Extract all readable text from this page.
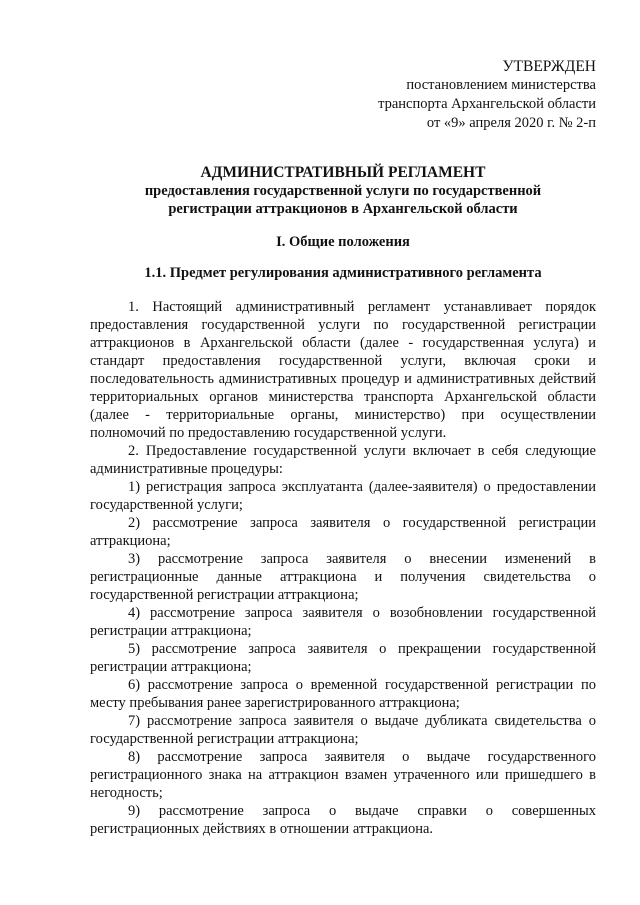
УТВЕРЖДЕН
постановлением министерства
транспорта Архангельской области
от «9» апреля 2020 г. № 2-п
АДМИНИСТРАТИВНЫЙ РЕГЛАМЕНТ
предоставления государственной услуги по государственной
регистрации аттракционов в Архангельской области
I. Общие положения
1.1. Предмет регулирования административного регламента

1. Настоящий административный регламент устанавливает порядок предоставления государственной услуги по государственной регистрации аттракционов в Архангельской области (далее - государственная услуга) и стандарт предоставления государственной услуги, включая сроки и последовательность административных процедур и административных действий территориальных органов министерства транспорта Архангельской области (далее - территориальные органы, министерство) при осуществлении полномочий по предоставлению государственной услуги.

2. Предоставление государственной услуги включает в себя следующие административные процедуры:

1) регистрация запроса эксплуатанта (далее-заявителя) о предоставлении государственной услуги;

2) рассмотрение запроса заявителя о государственной регистрации аттракциона;

3) рассмотрение запроса заявителя о внесении изменений в регистрационные данные аттракциона и получения свидетельства о государственной регистрации аттракциона;

4) рассмотрение запроса заявителя о возобновлении государственной регистрации аттракциона;

5) рассмотрение запроса заявителя о прекращении государственной регистрации аттракциона;

6) рассмотрение запроса о временной государственной регистрации по месту пребывания ранее зарегистрированного аттракциона;

7) рассмотрение запроса заявителя о выдаче дубликата свидетельства о государственной регистрации аттракциона;

8) рассмотрение запроса заявителя о выдаче государственного регистрационного знака на аттракцион взамен утраченного или пришедшего в негодность;

9) рассмотрение запроса о выдаче справки о совершенных регистрационных действиях в отношении аттракциона.
